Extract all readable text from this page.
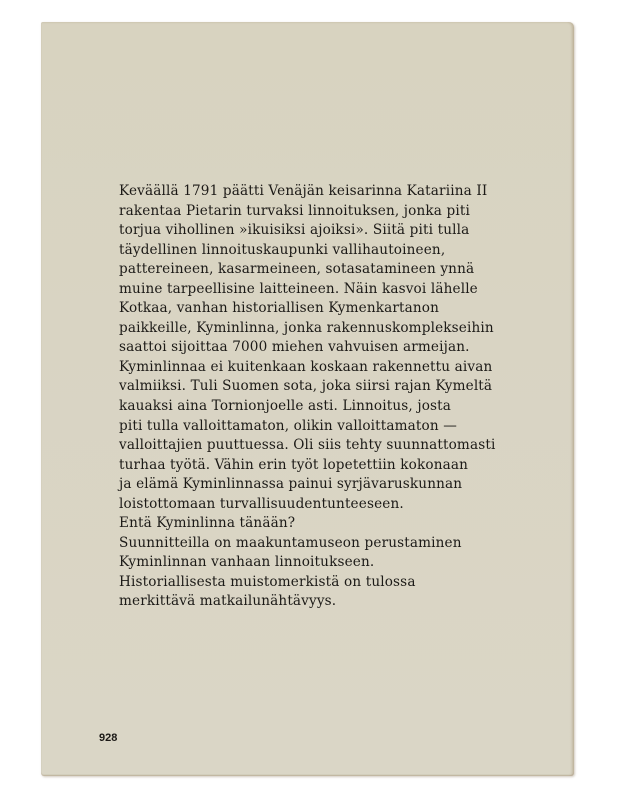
Keväällä 1791 päätti Venäjän keisarinna Katariina II
rakentaa Pietarin turvaksi linnoituksen, jonka piti
torjua vihollinen »ikuisiksi ajoiksi». Siitä piti tulla
täydellinen linnoituskaupunki vallihautoineen,
pattereineen, kasarmeineen, sotasatamineen ynnä
muine tarpeellisine laitteineen. Näin kasvoi lähelle
Kotkaa, vanhan historiallisen Kymenkartanon
paikkeille, Kyminlinna, jonka rakennuskomplekseihin
saattoi sijoittaa 7000 miehen vahvuisen armeijan.
Kyminlinnaa ei kuitenkaan koskaan rakennettu aivan
valmiiksi. Tuli Suomen sota, joka siirsi rajan Kymeltä
kauaksi aina Tornionjoelle asti. Linnoitus, josta
piti tulla valloittamaton, olikin valloittamaton —
valloittajien puuttuessa. Oli siis tehty suunnattomasti
turhaa työtä. Vähin erin työt lopetettiin kokonaan
ja elämä Kyminlinnassa painui syrjävaruskunnan
loistottomaan turvallisuudentunteeseen.
Entä Kyminlinna tänään?
Suunnitteilla on maakuntamuseon perustaminen
Kyminlinnan vanhaan linnoitukseen.
Historiallisesta muistomerkistä on tulossa
merkittävä matkailunähtävyys.
928
